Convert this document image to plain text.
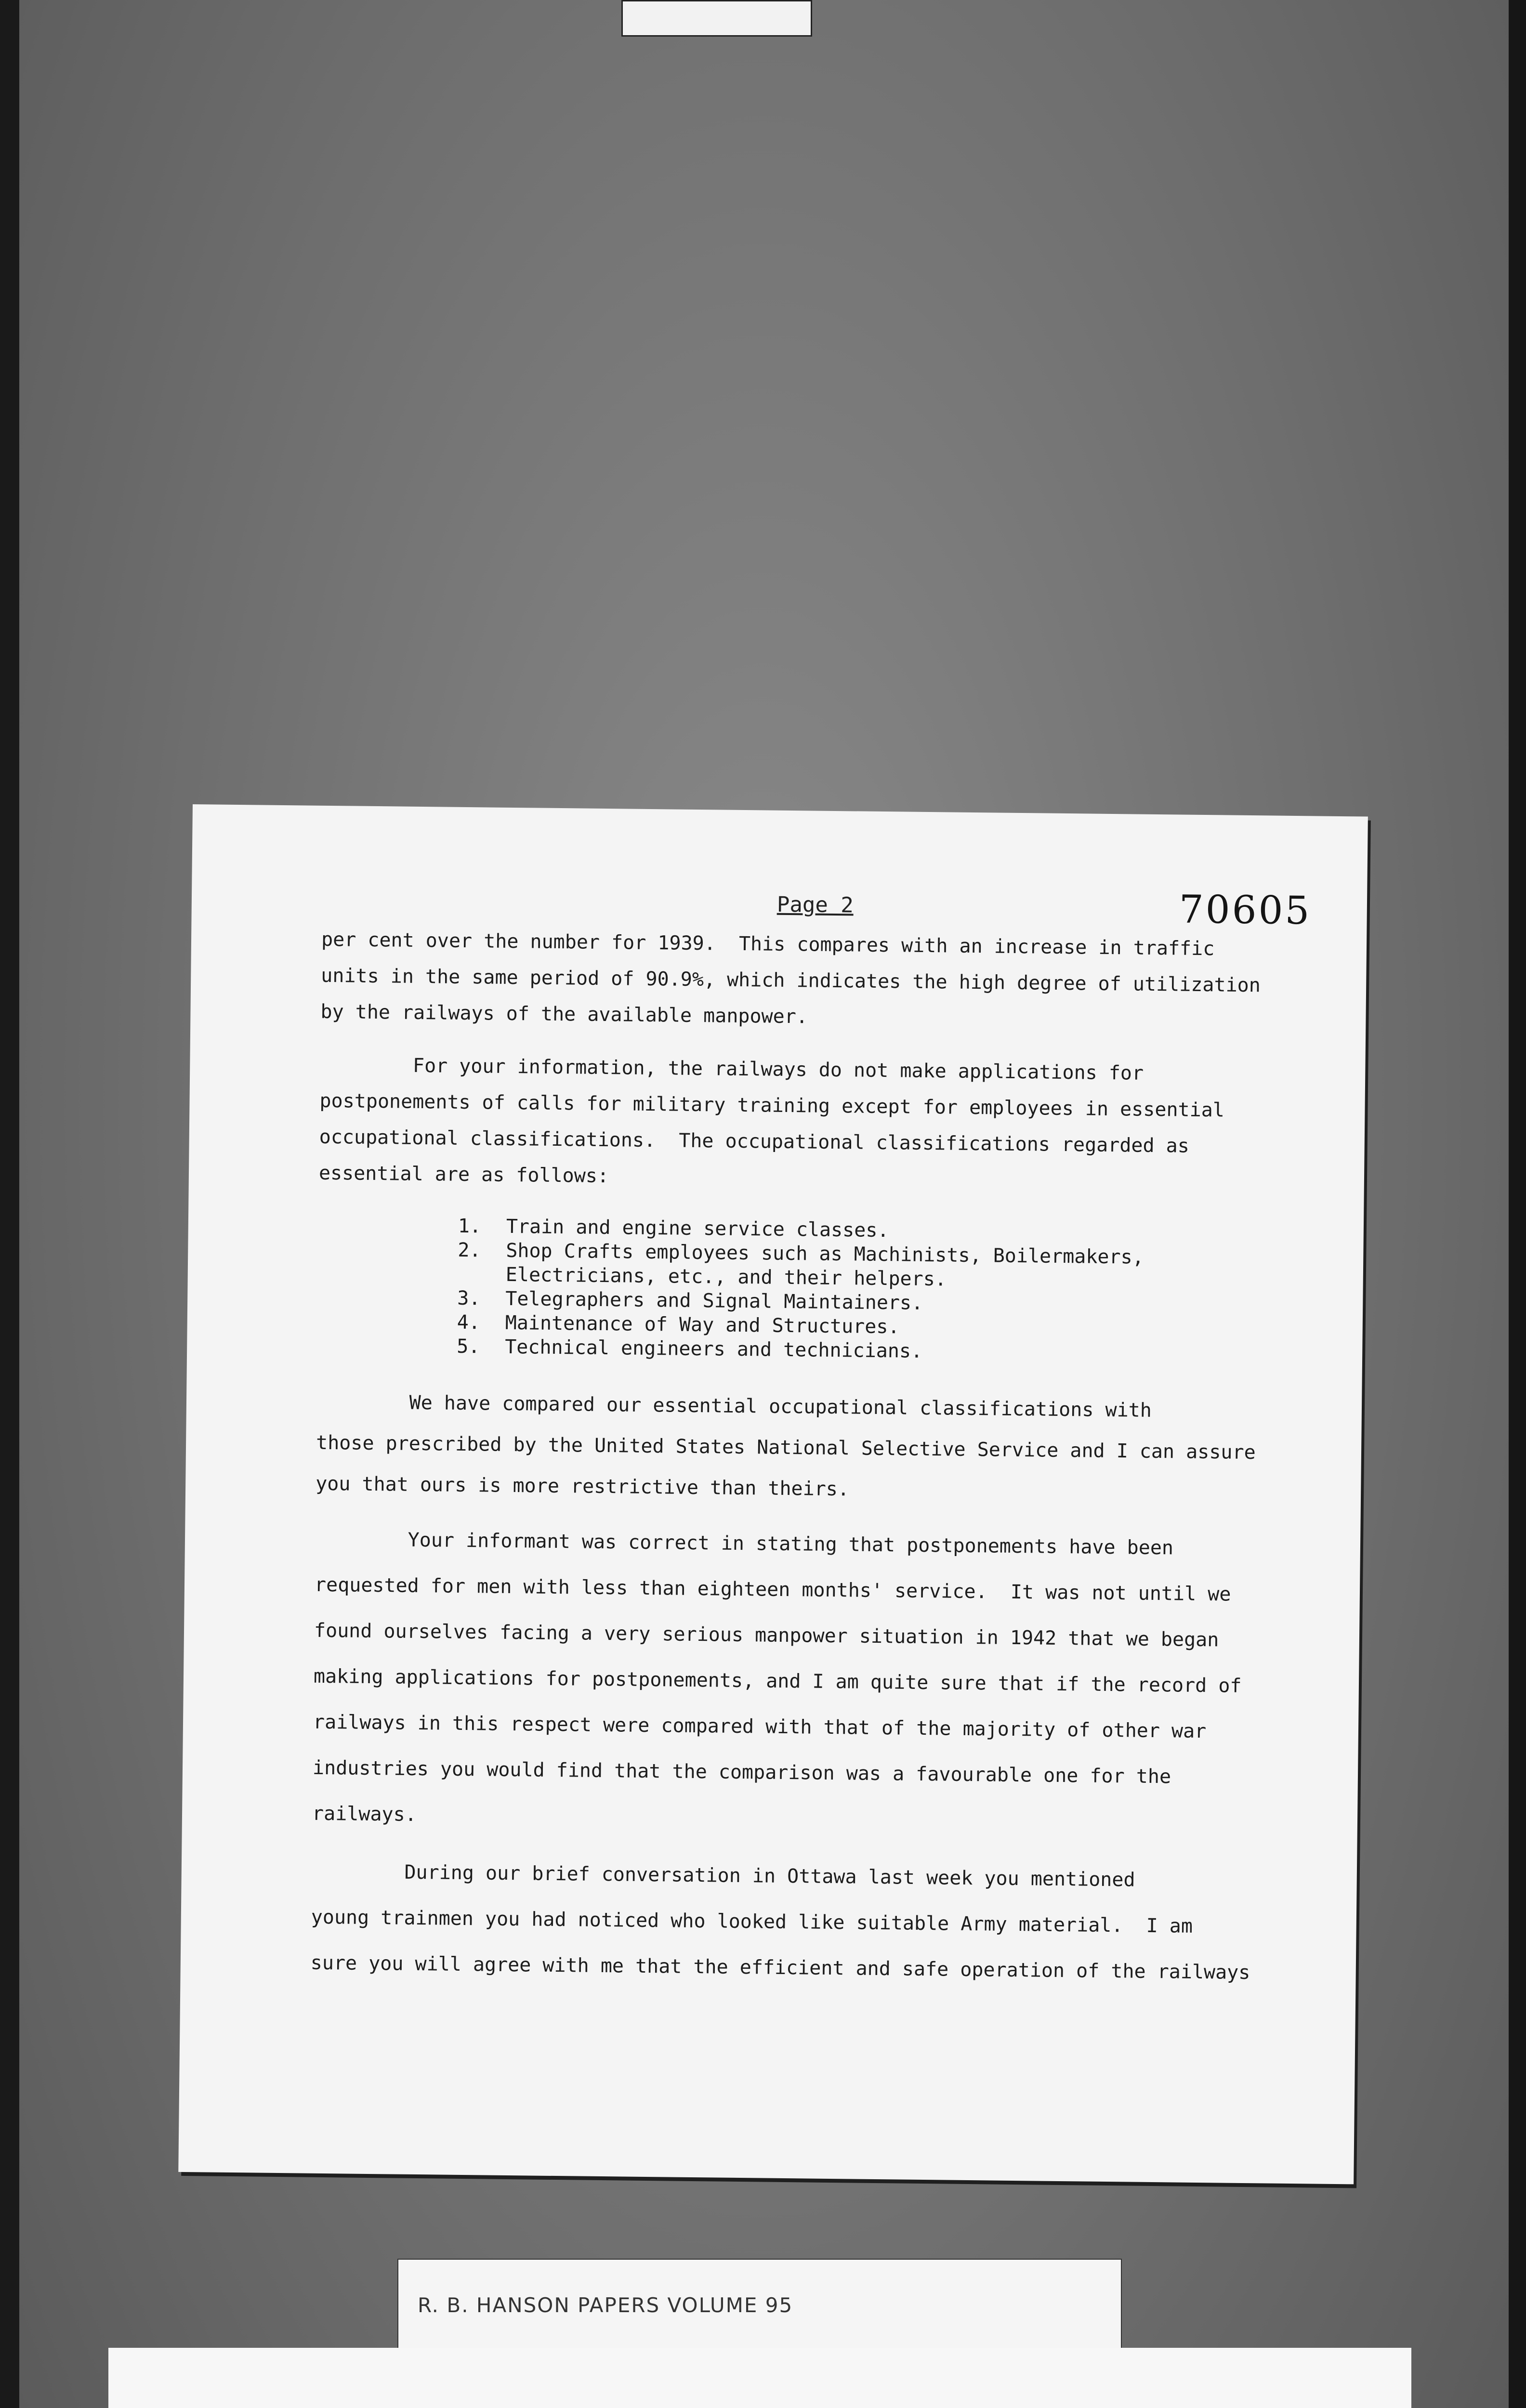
Page 2	70605
per cent over the number for 1939.  This compares with an increase in traffic
units in the same period of 90.9%, which indicates the high degree of utilization
by the railways of the available manpower.
For your information, the railways do not make applications for
postponements of calls for military training except for employees in essential
occupational classifications.  The occupational classifications regarded as
essential are as follows:
1. Train and engine service classes.
2. Shop Crafts employees such as Machinists, Boilermakers,
Electricians, etc., and their helpers.
3. Telegraphers and Signal Maintainers.
4. Maintenance of Way and Structures.
5. Technical engineers and technicians.
We have compared our essential occupational classifications with
those prescribed by the United States National Selective Service and I can assure
you that ours is more restrictive than theirs.
Your informant was correct in stating that postponements have been
requested for men with less than eighteen months' service.  It was not until we
found ourselves facing a very serious manpower situation in 1942 that we began
making applications for postponements, and I am quite sure that if the record of
railways in this respect were compared with that of the majority of other war
industries you would find that the comparison was a favourable one for the
railways.
During our brief conversation in Ottawa last week you mentioned
young trainmen you had noticed who looked like suitable Army material.  I am
sure you will agree with me that the efficient and safe operation of the railways
R. B. HANSON PAPERS VOLUME 95
